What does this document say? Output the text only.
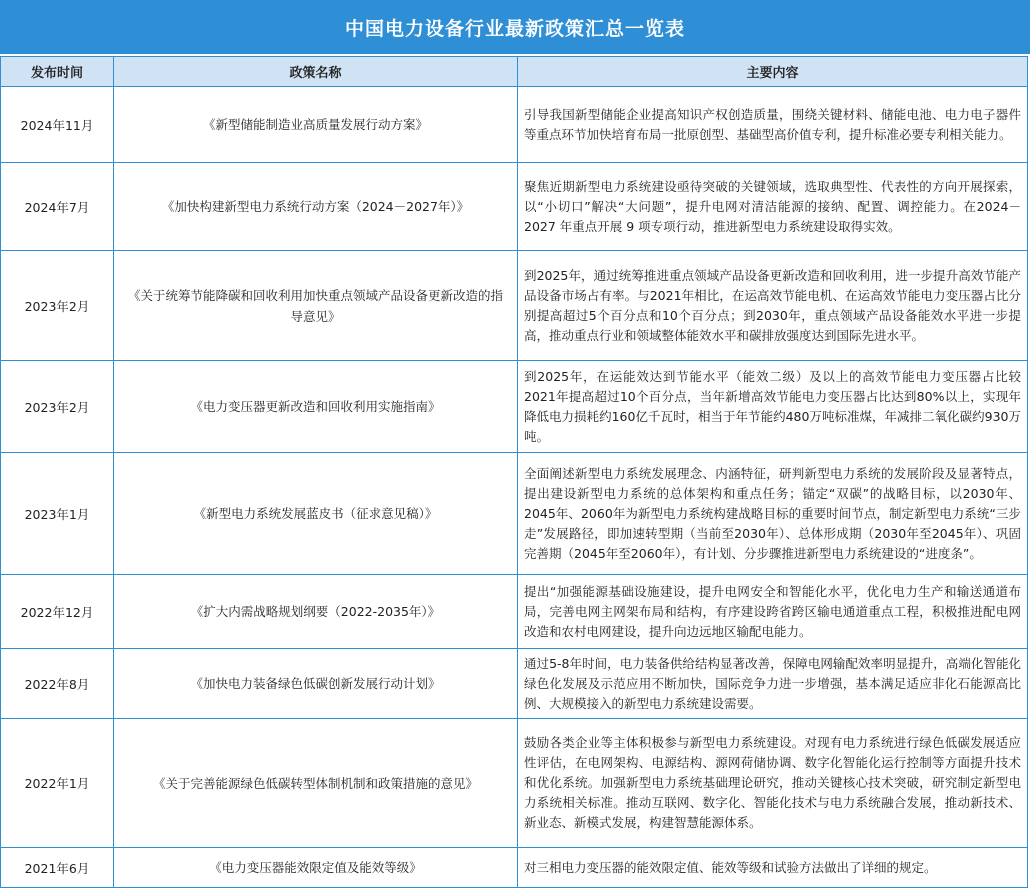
中国电力设备行业最新政策汇总一览表
发布时间	政策名称	主要内容
2024年11月	《新型储能制造业高质量发展行动方案》	引导我国新型储能企业提高知识产权创造质量，围绕关键材料、储能电池、电力电子器件等重点环节加快培育布局一批原创型、基础型高价值专利，提升标准必要专利相关能力。
2024年7月	《加快构建新型电力系统行动方案（2024－2027年）》	聚焦近期新型电力系统建设亟待突破的关键领域，选取典型性、代表性的方向开展探索，以“小切口”解决“大问题”，提升电网对清洁能源的接纳、配置、调控能力。在2024－2027 年重点开展 9 项专项行动，推进新型电力系统建设取得实效。
2023年2月	《关于统筹节能降碳和回收利用加快重点领域产品设备更新改造的指导意见》	到2025年，通过统筹推进重点领域产品设备更新改造和回收利用，进一步提升高效节能产品设备市场占有率。与2021年相比，在运高效节能电机、在运高效节能电力变压器占比分别提高超过5个百分点和10个百分点；到2030年，重点领域产品设备能效水平进一步提高，推动重点行业和领域整体能效水平和碳排放强度达到国际先进水平。
2023年2月	《电力变压器更新改造和回收利用实施指南》	到2025年，在运能效达到节能水平（能效二级）及以上的高效节能电力变压器占比较2021年提高超过10个百分点，当年新增高效节能电力变压器占比达到80%以上，实现年降低电力损耗约160亿千瓦时，相当于年节能约480万吨标准煤，年减排二氧化碳约930万吨。
2023年1月	《新型电力系统发展蓝皮书（征求意见稿）》	全面阐述新型电力系统发展理念、内涵特征，研判新型电力系统的发展阶段及显著特点，提出建设新型电力系统的总体架构和重点任务；锚定“双碳”的战略目标，以2030年、2045年、2060年为新型电力系统构建战略目标的重要时间节点，制定新型电力系统“三步走”发展路径，即加速转型期（当前至2030年）、总体形成期（2030年至2045年）、巩固完善期（2045年至2060年），有计划、分步骤推进新型电力系统建设的“进度条”。
2022年12月	《扩大内需战略规划纲要（2022-2035年）》	提出“加强能源基础设施建设，提升电网安全和智能化水平，优化电力生产和输送通道布局，完善电网主网架布局和结构，有序建设跨省跨区输电通道重点工程，积极推进配电网改造和农村电网建设，提升向边远地区输配电能力。
2022年8月	《加快电力装备绿色低碳创新发展行动计划》	通过5-8年时间，电力装备供给结构显著改善，保障电网输配效率明显提升，高端化智能化绿色化发展及示范应用不断加快，国际竞争力进一步增强，基本满足适应非化石能源高比例、大规模接入的新型电力系统建设需要。
2022年1月	《关于完善能源绿色低碳转型体制机制和政策措施的意见》	鼓励各类企业等主体积极参与新型电力系统建设。对现有电力系统进行绿色低碳发展适应性评估，在电网架构、电源结构、源网荷储协调、数字化智能化运行控制等方面提升技术和优化系统。加强新型电力系统基础理论研究，推动关键核心技术突破，研究制定新型电力系统相关标准。推动互联网、数字化、智能化技术与电力系统融合发展，推动新技术、新业态、新模式发展，构建智慧能源体系。
2021年6月	《电力变压器能效限定值及能效等级》	对三相电力变压器的能效限定值、能效等级和试验方法做出了详细的规定。
